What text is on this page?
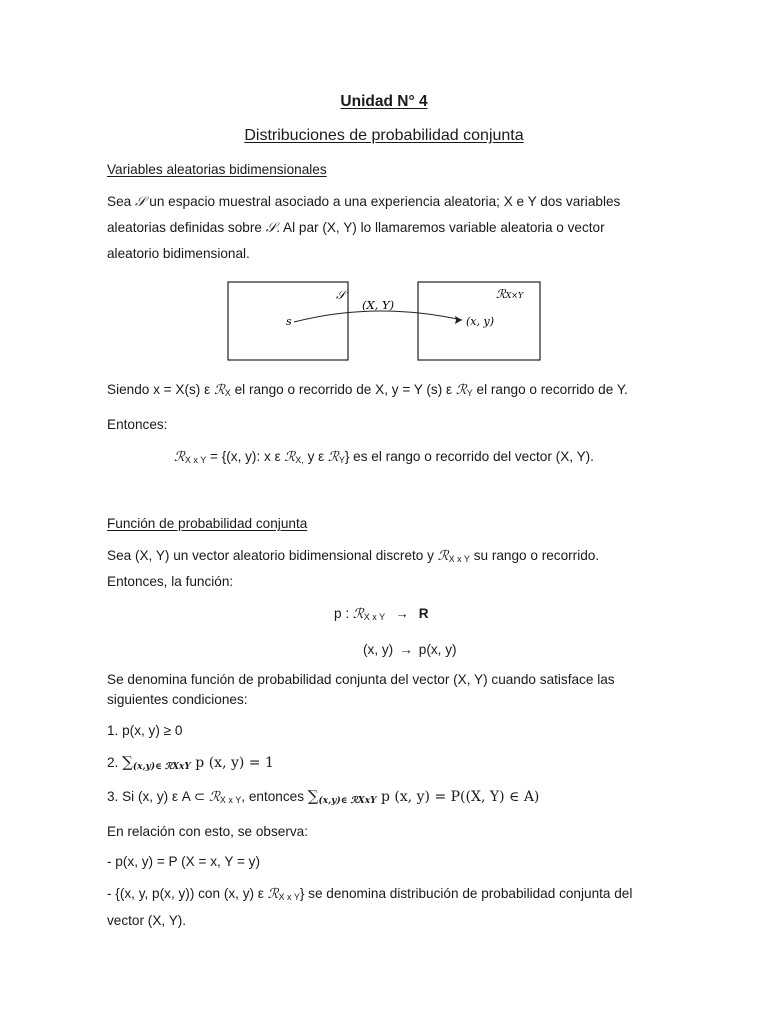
Unidad N° 4
Distribuciones de probabilidad conjunta
Variables aleatorias bidimensionales
Sea 𝒮 un espacio muestral asociado a una experiencia aleatoria; X e Y dos variables
aleatorias definidas sobre 𝒮. Al par (X, Y) lo llamaremos variable aleatoria o vector
aleatorio bidimensional.
𝒮
s
(X, Y)
ℛX×Y
(x, y)
Siendo x = X(s) ε ℛ$_X$ el rango o recorrido de X, y = Y (s) ε ℛ$_Y$ el rango o recorrido de Y.
Entonces:
ℛ$_{X x Y}$ = {(x, y): x ε ℛ$_{X,}$ y ε ℛ$_Y$} es el rango o recorrido del vector (X, Y).
Función de probabilidad conjunta
Sea (X, Y) un vector aleatorio bidimensional discreto y ℛ$_{X x Y}$ su rango o recorrido.
Entonces, la función:
p : ℛ$_{X x Y}$ → R
(x, y) → p(x, y)
Se denomina función de probabilidad conjunta del vector (X, Y) cuando satisface las
siguientes condiciones:
1. p(x, y) ≥ 0
2. $\sum_{(x,y)\in ℛXxY}$ p (x, y) = 1
3. Si (x, y) ε A ⊂ ℛ$_{X x Y}$, entonces $\sum_{(x,y)\in ℛXxY}$ p (x, y) = P((X, Y) ∈ A)
En relación con esto, se observa:
- p(x, y) = P (X = x, Y = y)
- {(x, y, p(x, y)) con (x, y) ε ℛ$_{X x Y}$} se denomina distribución de probabilidad conjunta del
vector (X, Y).
